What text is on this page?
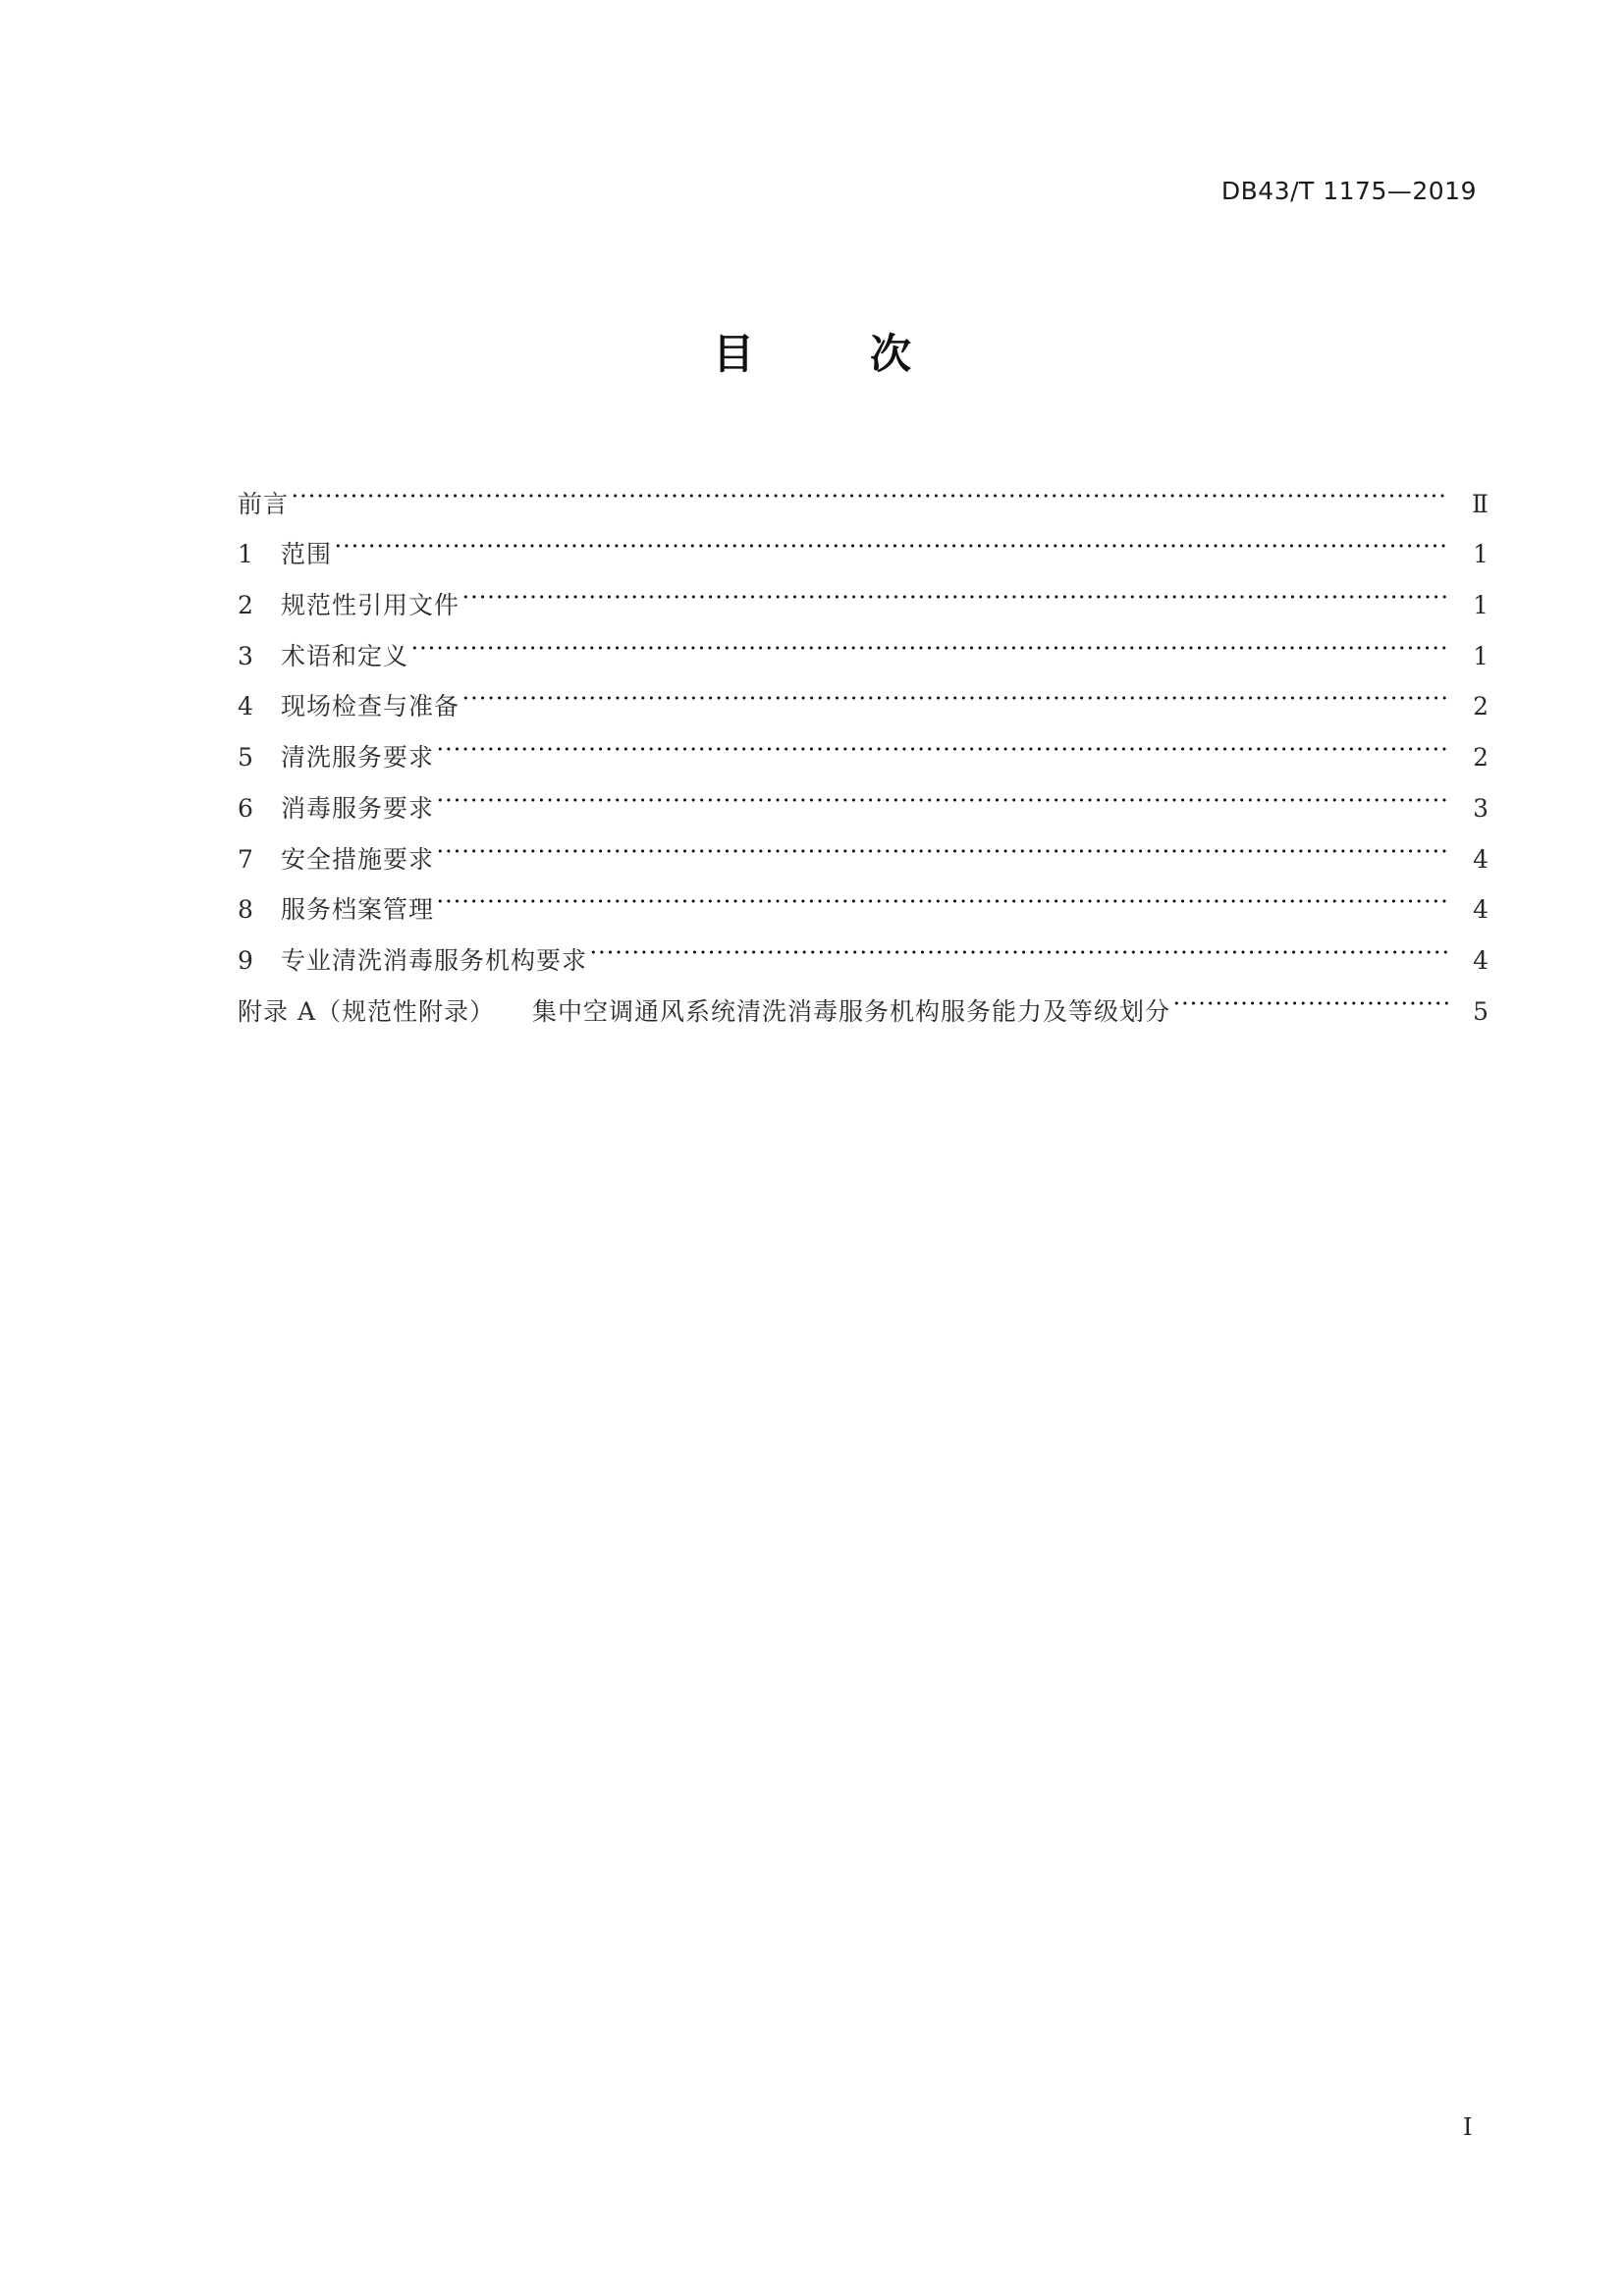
DB43/T 1175—2019
目	次
前言	Ⅱ
1	范围	1
2	规范性引用文件	1
3	术语和定义	1
4	现场检查与准备	2
5	清洗服务要求	2
6	消毒服务要求	3
7	安全措施要求	4
8	服务档案管理	4
9	专业清洗消毒服务机构要求	4
附录 A（规范性附录） 集中空调通风系统清洗消毒服务机构服务能力及等级划分	5
Ⅰ
